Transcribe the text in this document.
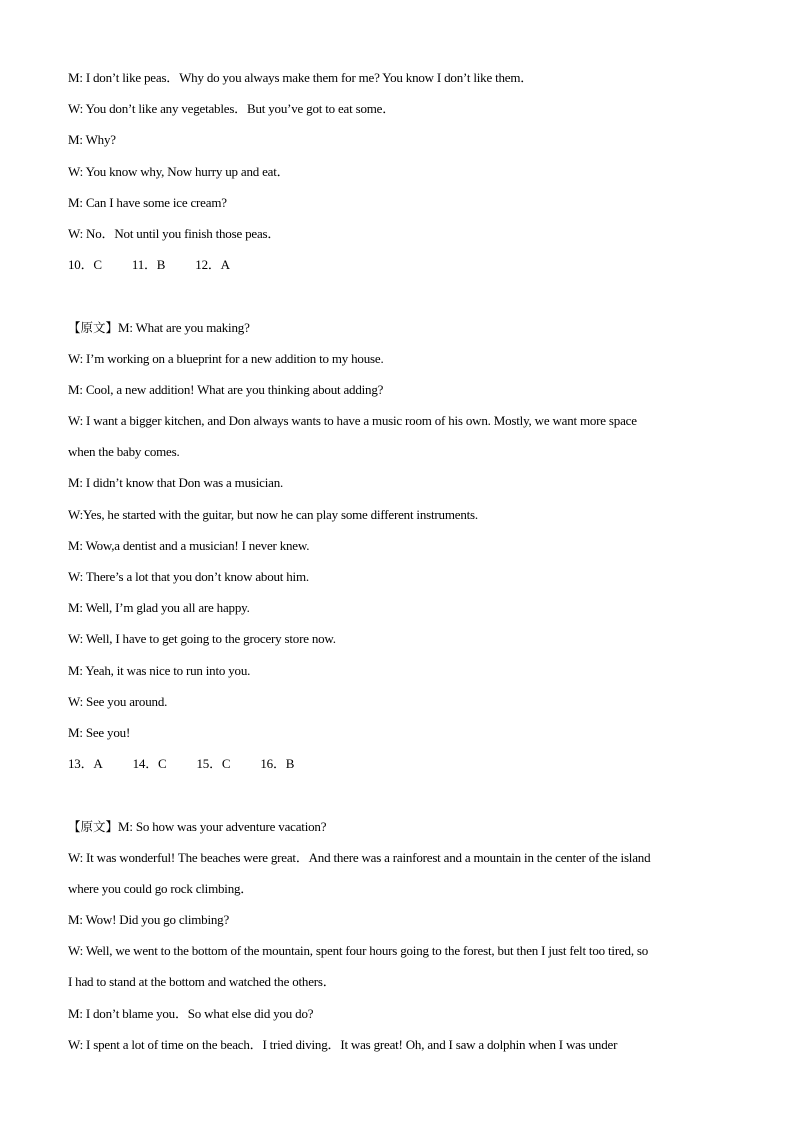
M: I don’t like peas．Why do you always make them for me? You know I don’t like them．
W: You don’t like any vegetables．But you’ve got to eat some．
M: Why?
W: You know why, Now hurry up and eat．
M: Can I have some ice cream?
W: No．Not until you finish those peas．
10．C 11．B 12．A
【原文】M: What are you making?
W: I’m working on a blueprint for a new addition to my house.
M: Cool, a new addition! What are you thinking about adding?
W: I want a bigger kitchen, and Don always wants to have a music room of his own. Mostly, we want more space
when the baby comes.
M: I didn’t know that Don was a musician.
W:Yes, he started with the guitar, but now he can play some different instruments.
M: Wow,a dentist and a musician! I never knew.
W: There’s a lot that you don’t know about him.
M: Well, I’m glad you all are happy.
W: Well, I have to get going to the grocery store now.
M: Yeah, it was nice to run into you.
W: See you around.
M: See you!
13．A 14．C 15．C 16．B
【原文】M: So how was your adventure vacation?
W: It was wonderful! The beaches were great．And there was a rainforest and a mountain in the center of the island
where you could go rock climbing．
M: Wow! Did you go climbing?
W: Well, we went to the bottom of the mountain, spent four hours going to the forest, but then I just felt too tired, so
I had to stand at the bottom and watched the others．
M: I don’t blame you．So what else did you do?
W: I spent a lot of time on the beach．I tried diving．It was great! Oh, and I saw a dolphin when I was under
